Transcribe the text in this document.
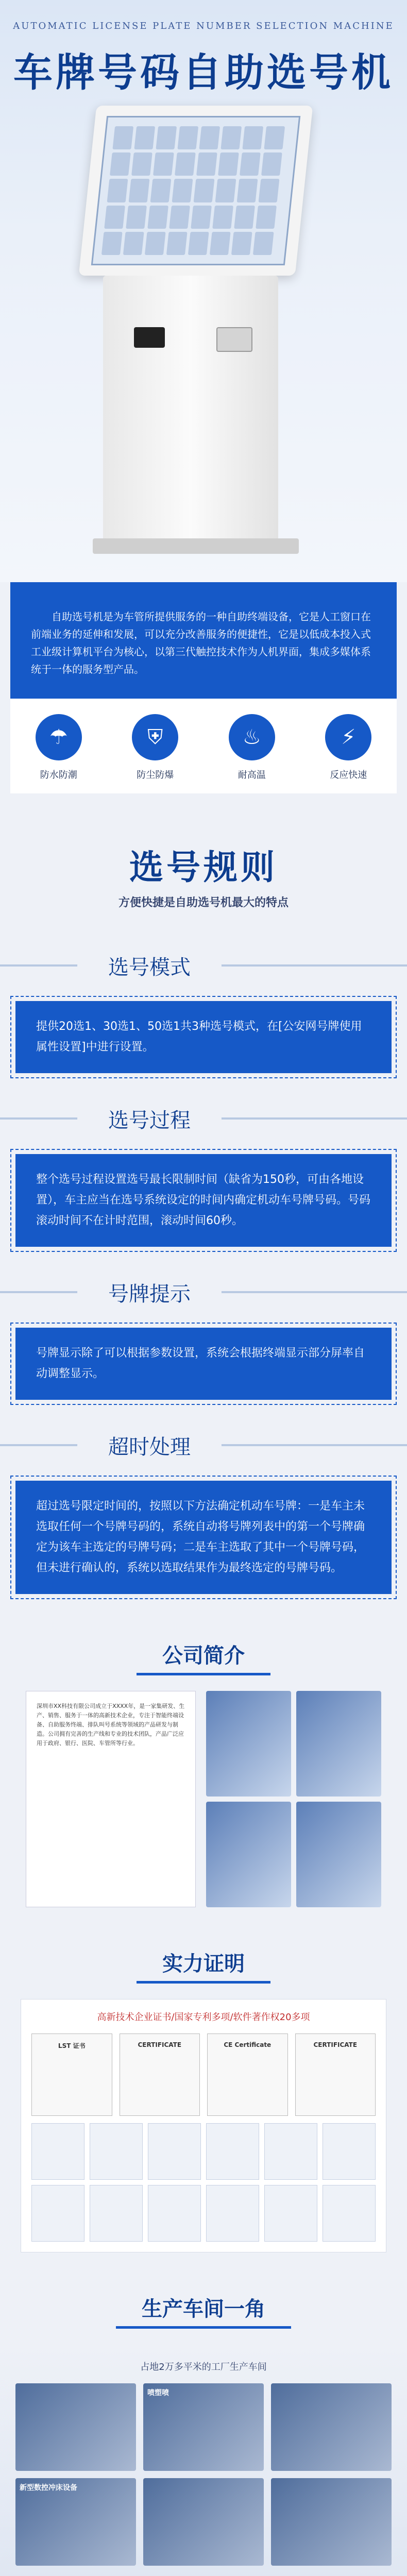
AUTOMATIC LICENSE PLATE NUMBER SELECTION MACHINE
车牌号码自助选号机

自助选号机是为车管所提供服务的一种自助终端设备，它是人工窗口在前端业务的延伸和发展，可以充分改善服务的便捷性，它是以低成本投入式工业级计算机平台为核心，以第三代触控技术作为人机界面，集成多媒体系统于一体的服务型产品。

☂
防水防潮
⛨
防尘防爆
♨
耐高温
⚡
反应快速
选号规则
方便快捷是自助选号机最大的特点
选号模式
提供20选1、30选1、50选1共3种选号模式，在[公安网号牌使用属性设置]中进行设置。
选号过程
整个选号过程设置选号最长限制时间（缺省为150秒，可由各地设置），车主应当在选号系统设定的时间内确定机动车号牌号码。号码滚动时间不在计时范围，滚动时间60秒。
号牌提示
号牌显示除了可以根据参数设置，系统会根据终端显示部分屏率自动调整显示。
超时处理
超过选号限定时间的，按照以下方法确定机动车号牌：一是车主未选取任何一个号牌号码的，系统自动将号牌列表中的第一个号牌确定为该车主选定的号牌号码；二是车主选取了其中一个号牌号码，但未进行确认的，系统以选取结果作为最终选定的号牌号码。
公司简介
深圳市XX科技有限公司成立于XXXX年，是一家集研发、生产、销售、服务于一体的高新技术企业，专注于智能终端设备、自助服务终端、排队叫号系统等领域的产品研发与制造。公司拥有完善的生产线和专业的技术团队，产品广泛应用于政府、银行、医院、车管所等行业。
实力证明
高新技术企业证书/国家专利多项/软件著作权20多项
LST 证书	CERTIFICATE	CE Certificate	CERTIFICATE
生产车间一角
占地2万多平米的工厂生产车间
喷塑喷
新型数控冲床设备
